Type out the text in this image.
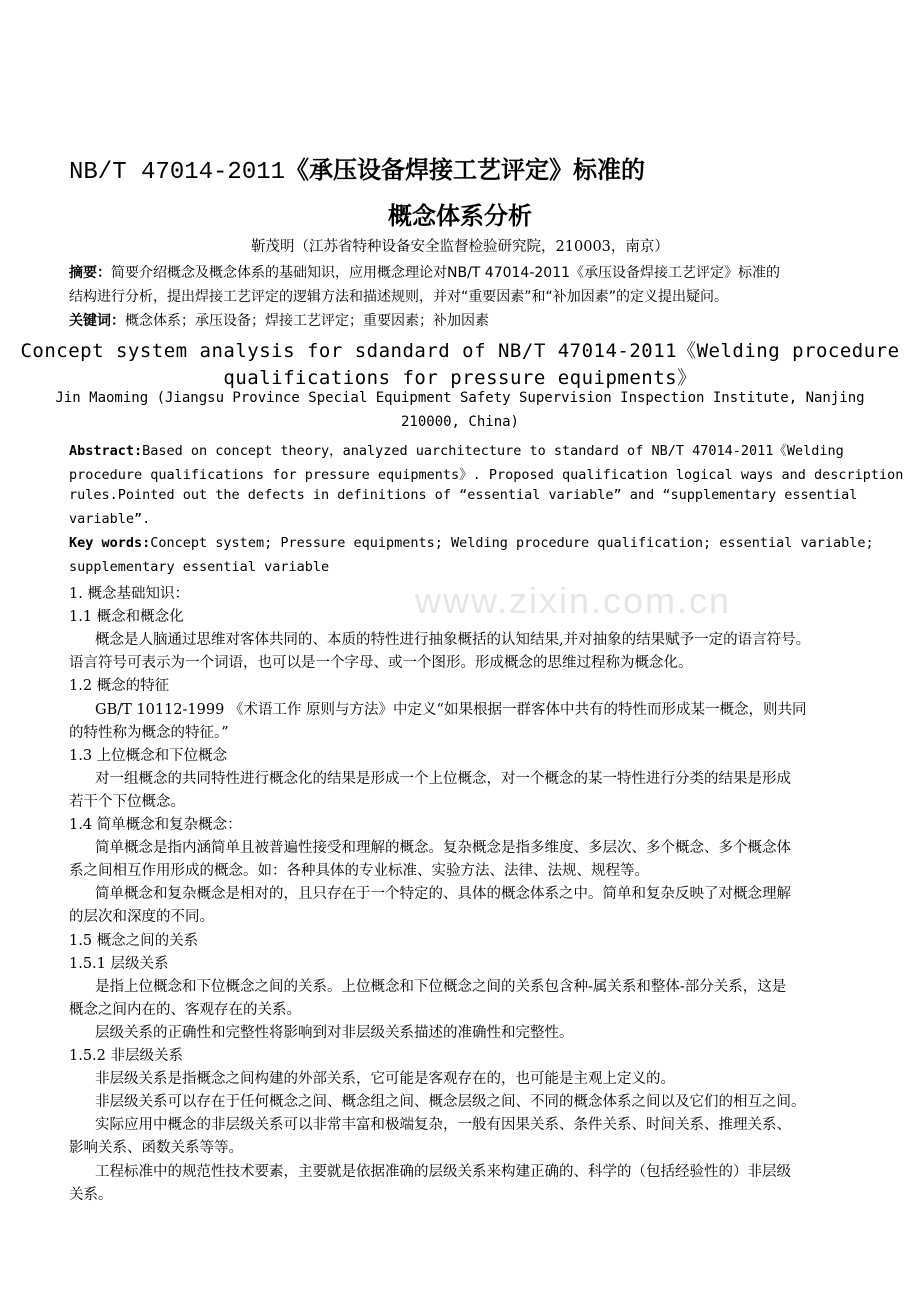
www.zixin.com.cn
NB/T 47014-2011《承压设备焊接工艺评定》标准的
概念体系分析
靳茂明（江苏省特种设备安全监督检验研究院，210003，南京）
摘要：简要介绍概念及概念体系的基础知识，应用概念理论对NB/T 47014-2011《承压设备焊接工艺评定》标准的
结构进行分析，提出焊接工艺评定的逻辑方法和描述规则，并对“重要因素”和“补加因素”的定义提出疑问。
关键词：概念体系；承压设备；焊接工艺评定；重要因素；补加因素
Concept system analysis for sdandard of NB/T 47014-2011《Welding procedure
qualifications for pressure equipments》
Jin Maoming (Jiangsu Province Special Equipment Safety Supervision Inspection Institute, Nanjing
210000, China)
Abstract:Based on concept theory，analyzed uarchitecture to standard of NB/T 47014-2011《Welding
procedure qualifications for pressure equipments》. Proposed qualification logical ways and description
rules.Pointed out the defects in definitions of “essential variable” and “supplementary essential
variable”.
Key words:Concept system; Pressure equipments; Welding procedure qualification; essential variable;
supplementary essential variable
1. 概念基础知识：
1.1 概念和概念化
概念是人脑通过思维对客体共同的、本质的特性进行抽象概括的认知结果,并对抽象的结果赋予一定的语言符号。
语言符号可表示为一个词语，也可以是一个字母、或一个图形。形成概念的思维过程称为概念化。
1.2 概念的特征
GB/T 10112-1999 《术语工作 原则与方法》中定义“如果根据一群客体中共有的特性而形成某一概念，则共同
的特性称为概念的特征。”
1.3 上位概念和下位概念
对一组概念的共同特性进行概念化的结果是形成一个上位概念，对一个概念的某一特性进行分类的结果是形成
若干个下位概念。
1.4 简单概念和复杂概念：
简单概念是指内涵简单且被普遍性接受和理解的概念。复杂概念是指多维度、多层次、多个概念、多个概念体
系之间相互作用形成的概念。如：各种具体的专业标准、实验方法、法律、法规、规程等。
简单概念和复杂概念是相对的，且只存在于一个特定的、具体的概念体系之中。简单和复杂反映了对概念理解
的层次和深度的不同。
1.5 概念之间的关系
1.5.1 层级关系
是指上位概念和下位概念之间的关系。上位概念和下位概念之间的关系包含种-属关系和整体-部分关系，这是
概念之间内在的、客观存在的关系。
层级关系的正确性和完整性将影响到对非层级关系描述的准确性和完整性。
1.5.2 非层级关系
非层级关系是指概念之间构建的外部关系，它可能是客观存在的，也可能是主观上定义的。
非层级关系可以存在于任何概念之间、概念组之间、概念层级之间、不同的概念体系之间以及它们的相互之间。
实际应用中概念的非层级关系可以非常丰富和极端复杂，一般有因果关系、条件关系、时间关系、推理关系、
影响关系、函数关系等等。
工程标准中的规范性技术要素，主要就是依据准确的层级关系来构建正确的、科学的（包括经验性的）非层级
关系。
